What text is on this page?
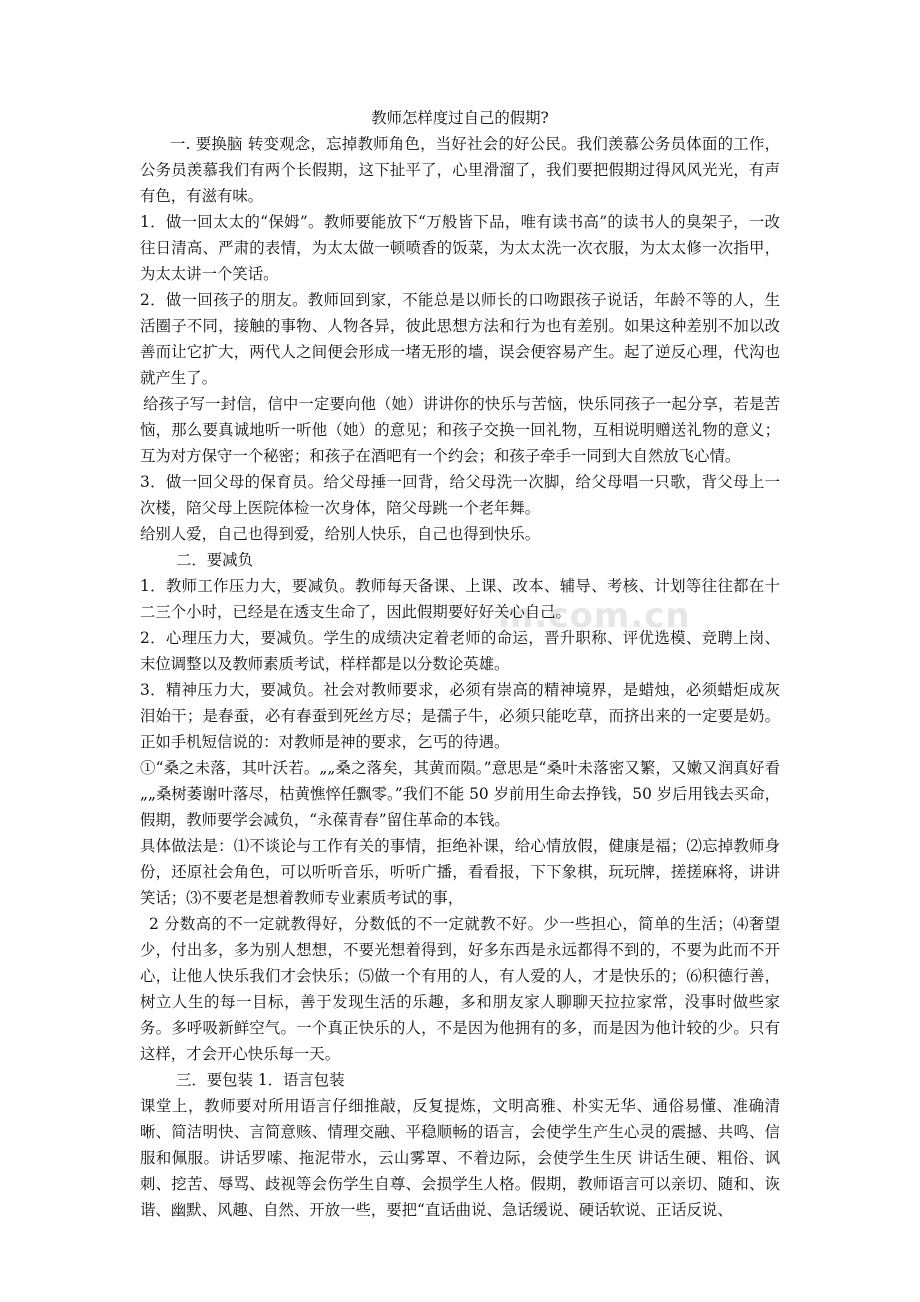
m.com.cn

教师怎样度过自己的假期?

一. 要换脑 转变观念，忘掉教师角色，当好社会的好公民。我们羡慕公务员体面的工作，公务员羡慕我们有两个长假期，这下扯平了，心里滑溜了，我们要把假期过得风风光光，有声有色，有滋有味。

1．做一回太太的“保姆”。教师要能放下“万般皆下品，唯有读书高”的读书人的臭架子，一改往日清高、严肃的表情，为太太做一顿喷香的饭菜，为太太洗一次衣服，为太太修一次指甲，为太太讲一个笑话。

2．做一回孩子的朋友。教师回到家，不能总是以师长的口吻跟孩子说话，年龄不等的人，生活圈子不同，接触的事物、人物各异，彼此思想方法和行为也有差别。如果这种差别不加以改善而让它扩大，两代人之间便会形成一堵无形的墙，误会便容易产生。起了逆反心理，代沟也就产生了。

给孩子写一封信，信中一定要向他（她）讲讲你的快乐与苦恼，快乐同孩子一起分享，若是苦恼，那么要真诚地听一听他（她）的意见；和孩子交换一回礼物，互相说明赠送礼物的意义；互为对方保守一个秘密；和孩子在酒吧有一个约会；和孩子牵手一同到大自然放飞心情。

3．做一回父母的保育员。给父母捶一回背，给父母洗一次脚，给父母唱一只歌，背父母上一次楼，陪父母上医院体检一次身体，陪父母跳一个老年舞。

给别人爱，自己也得到爱，给别人快乐，自己也得到快乐。

二．要减负

1．教师工作压力大，要减负。教师每天备课、上课、改本、辅导、考核、计划等往往都在十二三个小时，已经是在透支生命了，因此假期要好好关心自己。

2．心理压力大，要减负。学生的成绩决定着老师的命运，晋升职称、评优选模、竞聘上岗、末位调整以及教师素质考试，样样都是以分数论英雄。

3．精神压力大，要减负。社会对教师要求，必须有崇高的精神境界，是蜡烛，必须蜡炬成灰泪始干；是春蚕，必有春蚕到死丝方尽；是孺子牛，必须只能吃草，而挤出来的一定要是奶。正如手机短信说的：对教师是神的要求，乞丐的待遇。

①“桑之未落，其叶沃若。„„桑之落矣，其黄而陨。”意思是“桑叶未落密又繁，又嫩又润真好看„„桑树萎谢叶落尽，枯黄憔悴任飘零。”我们不能 50 岁前用生命去挣钱，50 岁后用钱去买命，假期，教师要学会减负，“永葆青春”留住革命的本钱。

具体做法是：⑴不谈论与工作有关的事情，拒绝补课，给心情放假，健康是福；⑵忘掉教师身份，还原社会角色，可以听听音乐，听听广播，看看报，下下象棋，玩玩牌，搓搓麻将，讲讲笑话；⑶不要老是想着教师专业素质考试的事，

2 分数高的不一定就教得好，分数低的不一定就教不好。少一些担心，简单的生活；⑷奢望少，付出多，多为别人想想，不要光想着得到，好多东西是永远都得不到的，不要为此而不开心，让他人快乐我们才会快乐；⑸做一个有用的人，有人爱的人，才是快乐的；⑹积德行善，树立人生的每一目标，善于发现生活的乐趣，多和朋友家人聊聊天拉拉家常，没事时做些家务。多呼吸新鲜空气。一个真正快乐的人，不是因为他拥有的多，而是因为他计较的少。只有这样，才会开心快乐每一天。

三．要包装 1．语言包装

课堂上，教师要对所用语言仔细推敲，反复提炼，文明高雅、朴实无华、通俗易懂、准确清晰、简洁明快、言简意赅、情理交融、平稳顺畅的语言，会使学生产生心灵的震撼、共鸣、信服和佩服。讲话罗嗦、拖泥带水，云山雾罩、不着边际，会使学生生厌 讲话生硬、粗俗、讽刺、挖苦、辱骂、歧视等会伤学生自尊、会损学生人格。假期，教师语言可以亲切、随和、诙谐、幽默、风趣、自然、开放一些，要把“直话曲说、急话缓说、硬话软说、正话反说、
